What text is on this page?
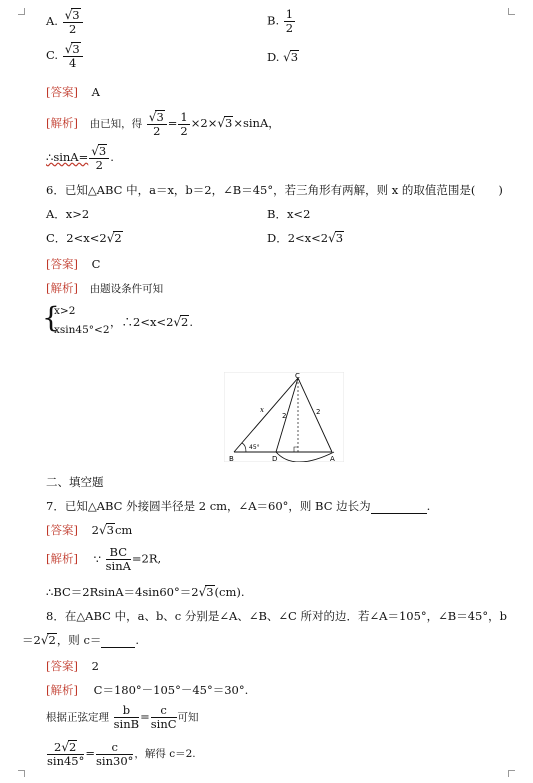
A. $\frac{√3}{2}$	B. $\frac{1}{2}$
C. $\frac{√3}{4}$	D. √3
[答案] A
[解析] 由已知，得 $\frac{√3}{2} = \frac{1}{2} \times 2\times√3\times\sin A$，
∴sinA= $\frac{√3}{2}$ .
6．已知△ABC 中，a＝x，b＝2，∠B＝45°，若三角形有两解，则 x 的取值范围是(　　)
A．x>2	B．x<2
C．2<x<2√2	D．2<x<2√3
[答案] C
[解析] 由题设条件可知
{
x>2
xsin45°<2
，∴2<x<2√2.
C
B	D	A
x
2	2
45°
二、填空题
7．已知△ABC 外接圆半径是 2 cm，∠A＝60°，则 BC 边长为	.
[答案] 2√3cm
[解析] ∵ $\frac{BC}{\sin A} =2R$,
∴BC＝2RsinA＝4sin60°＝2√3(cm).
8．在△ABC 中，a、b、c 分别是∠A、∠B、∠C 所对的边．若∠A＝105°，∠B＝45°，b
＝2√2，则 c＝	.
[答案] 2
[解析] C＝180°－105°－45°＝30°.
根据正弦定理 $\frac{b}{\sin B} = \frac{c}{\sin C}$ 可知
$\frac{2√2}{\sin 45^\circ} = \frac{c}{\sin 30^\circ}$ ，解得 c＝2.
